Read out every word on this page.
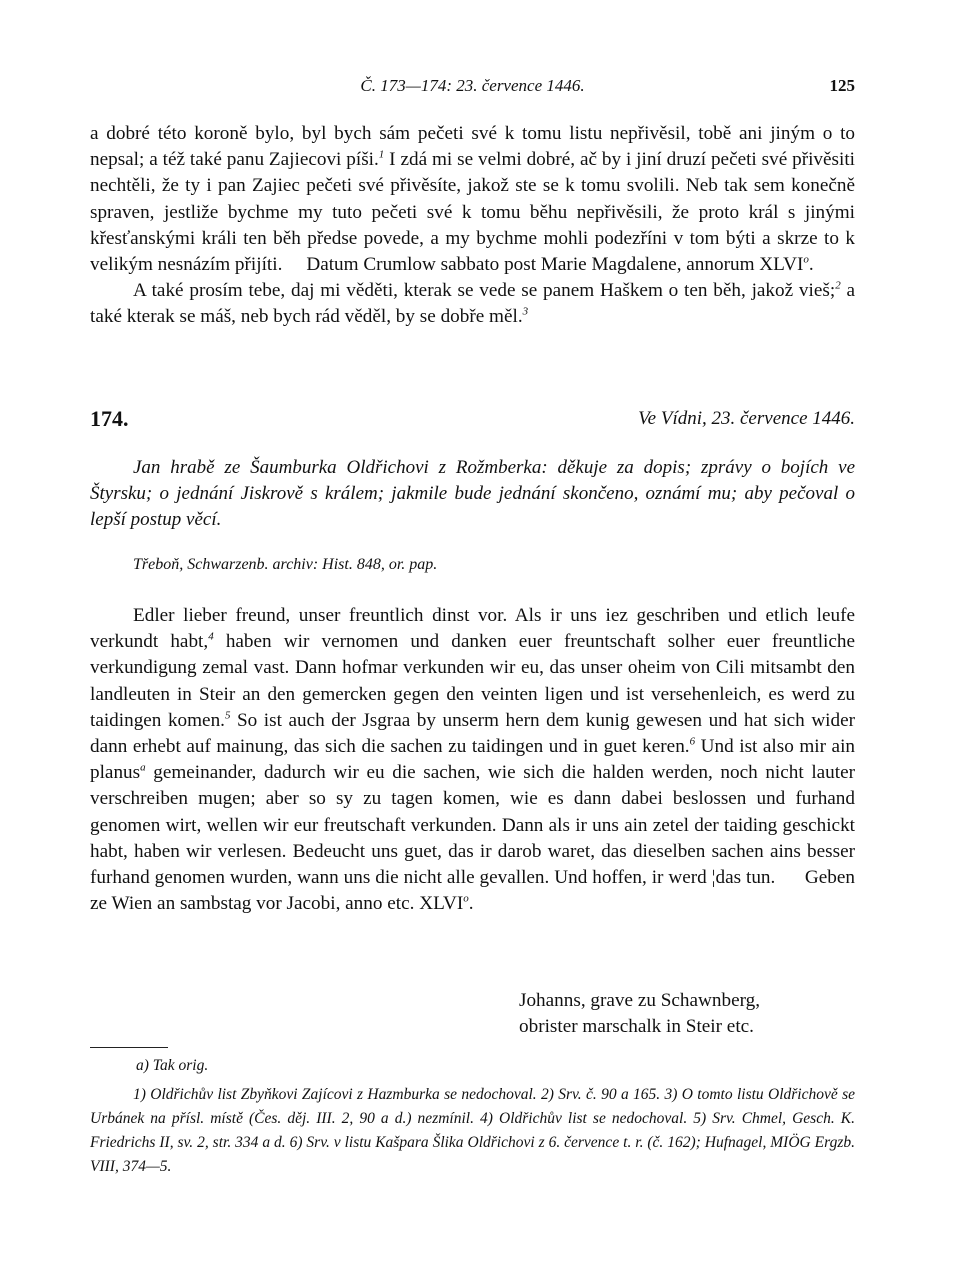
Č. 173—174: 23. července 1446.	125

a dobré této koroně bylo, byl bych sám pečeti své k tomu listu nepřivěsil, tobě ani jiným o to nepsal; a též také panu Zajiecovi píši.$^1$ I zdá mi se velmi dobré, ač by i jiní druzí pečeti své přivěsiti nechtěli, že ty i pan Zajiec pečeti své přivěsíte, jakož ste se k tomu svolili. Neb tak sem konečně spraven, jestliže bychme my tuto pečeti své k tomu běhu nepřivěsili, že proto král s jinými křesťanskými králi ten běh předse povede, a my bychme mohli podezříni v tom býti a skrze to k velikým nesnázím přijíti.     Datum Crumlow sabbato post Marie Magdalene, annorum XLVI$^o$.

A také prosím tebe, daj mi věděti, kterak se vede se panem Haškem o ten běh, jakož vieš;$^2$ a také kterak se máš, neb bych rád věděl, by se dobře měl.$^3$

174.	Ve Vídni, 23. července 1446.

Jan hrabě ze Šaumburka Oldřichovi z Rožmberka: děkuje za dopis; zprávy o bojích ve Štyrsku; o jednání Jiskrově s králem; jakmile bude jednání skončeno, oznámí mu; aby pečoval o lepší postup věcí.

Třeboň, Schwarzenb. archiv: Hist. 848, or. pap.

Edler lieber freund, unser freuntlich dinst vor. Als ir uns iez geschriben und etlich leufe verkundt habt,$^4$ haben wir vernomen und danken euer freuntschaft solher euer freuntliche verkundigung zemal vast. Dann hofmar verkunden wir eu, das unser oheim von Cili mitsambt den landleuten in Steir an den gemercken gegen den veinten ligen und ist versehenleich, es werd zu taidingen komen.$^5$ So ist auch der Jsgraa by unserm hern dem kunig gewesen und hat sich wider dann erhebt auf mainung, das sich die sachen zu taidingen und in guet keren.$^6$ Und ist also mir ain planus$^a$ gemeinander, dadurch wir eu die sachen, wie sich die halden werden, noch nicht lauter verschreiben mugen; aber so sy zu tagen komen, wie es dann dabei beslossen und furhand genomen wirt, wellen wir eur freutschaft verkunden. Dann als ir uns ain zetel der taiding geschickt habt, haben wir verlesen. Bedeucht uns guet, das ir darob waret, das dieselben sachen ains besser furhand genomen wurden, wann uns die nicht alle gevallen. Und hoffen, ir werd ¦das tun.      Geben ze Wien an sambstag vor Jacobi, anno etc. XLVI$^o$.

Johanns, grave zu Schawnberg,
obrister marschalk in Steir etc.
a) Tak orig.

1) Oldřichův list Zbyňkovi Zajícovi z Hazmburka se nedochoval. 2) Srv. č. 90 a 165. 3) O tomto listu Oldřichově se Urbánek na přísl. místě (Čes. děj. III. 2, 90 a d.) nezmínil. 4) Oldřichův list se nedochoval. 5) Srv. Chmel, Gesch. K. Friedrichs II, sv. 2, str. 334 a d. 6) Srv. v listu Kašpara Šlika Oldřichovi z 6. července t. r. (č. 162); Hufnagel, MIÖG Ergzb. VIII, 374—5.
